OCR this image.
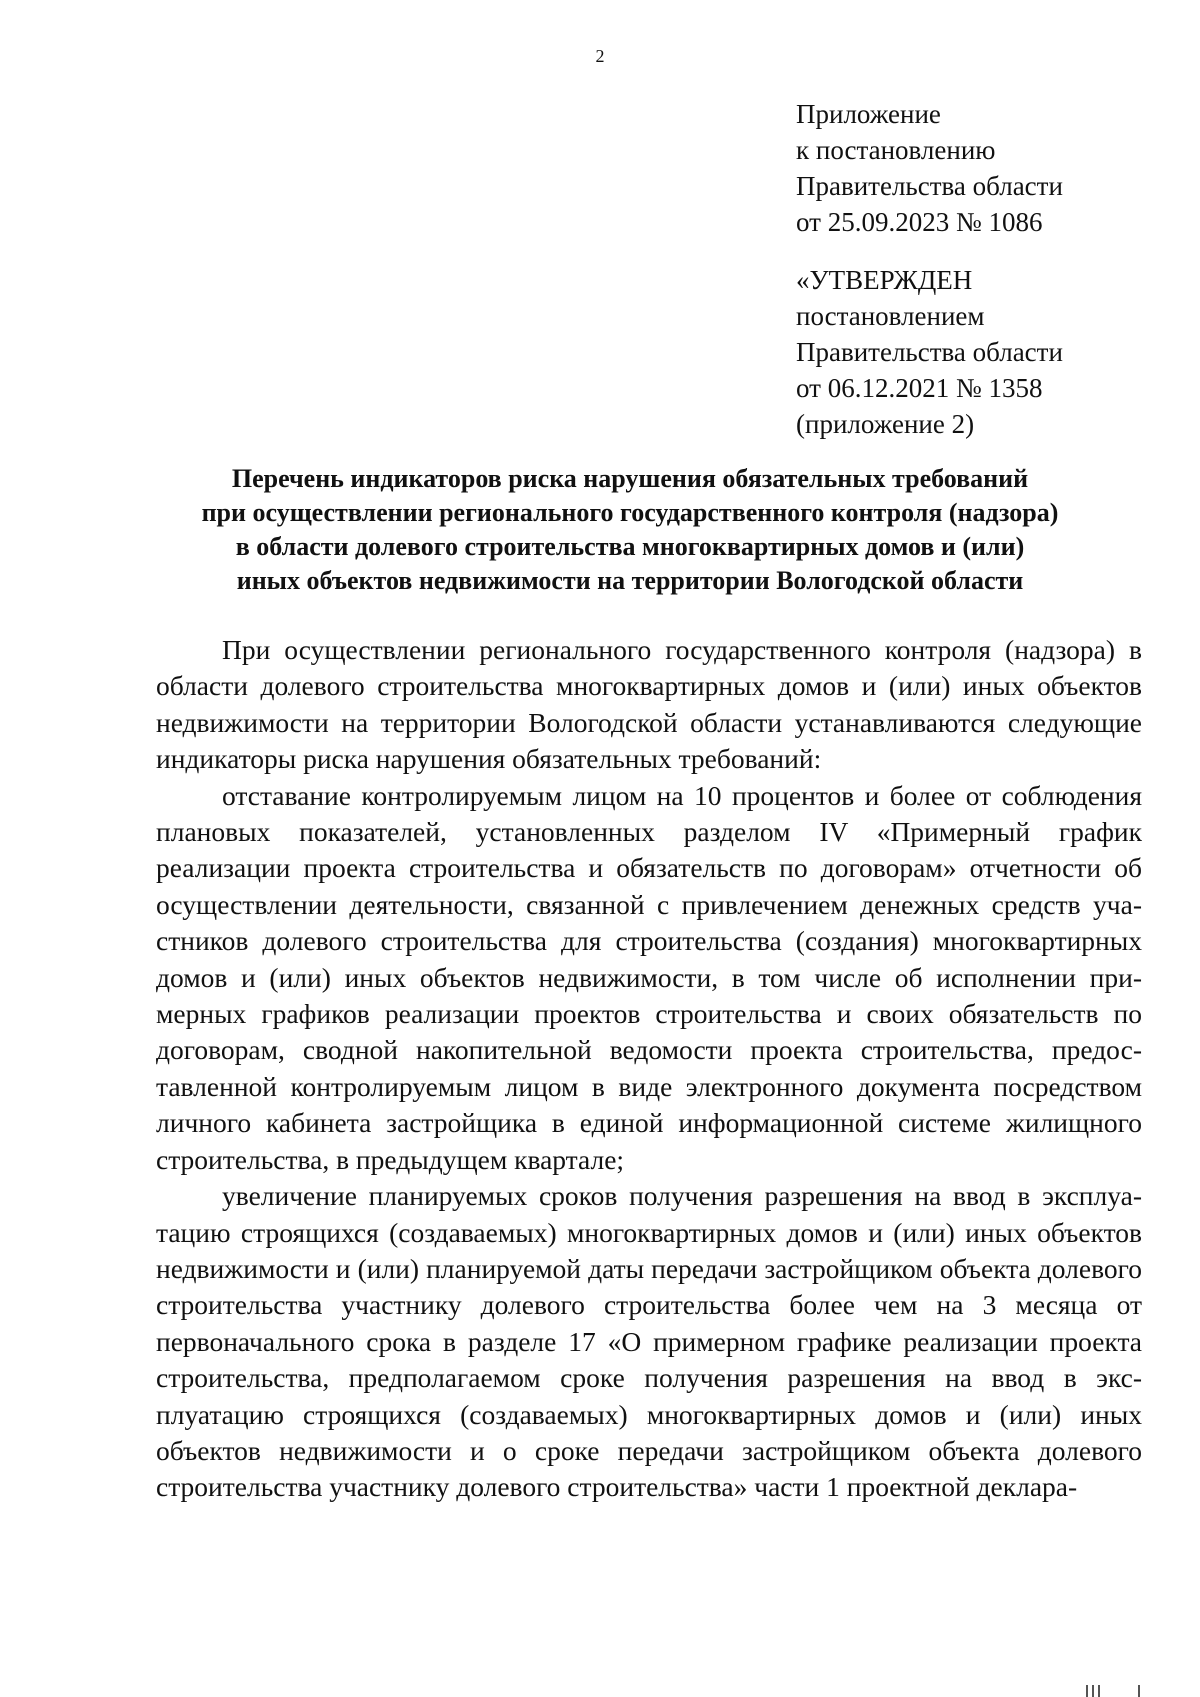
2
Приложение
к постановлению
Правительства области
от 25.09.2023 № 1086
«УТВЕРЖДЕН
постановлением
Правительства области
от 06.12.2021 № 1358
(приложение 2)
Перечень индикаторов риска нарушения обязательных требований
при осуществлении регионального государственного контроля (надзора)
в области долевого строительства многоквартирных домов и (или)
иных объектов недвижимости на территории Вологодской области

При осуществлении регионального государственного контроля (надзора) в области долевого строительства многоквартирных домов и (или) иных объектов недвижимости на территории Вологодской области устанавливаются следующие индикаторы риска нарушения обязательных требований:

отставание контролируемым лицом на 10 процентов и более от соблюдения плановых показателей, установленных разделом IV «Примерный график реализации проекта строительства и обязательств по договорам» отчетности об осуществлении деятельности, связанной с привлечением денежных средств участников долевого строительства для строительства (создания) многоквартирных домов и (или) иных объектов недвижимости, в том числе об исполнении примерных графиков реализации проектов строительства и своих обязательств по договорам, сводной накопительной ведомости проекта строительства, предоставленной контролируемым лицом в виде электронного документа посредством личного кабинета застройщика в единой информационной системе жилищного строительства, в предыдущем квартале;

увеличение планируемых сроков получения разрешения на ввод в эксплуатацию строящихся (создаваемых) многоквартирных домов и (или) иных объектов недвижимости и (или) планируемой даты передачи застройщиком объекта долевого строительства участнику долевого строительства более чем на 3 месяца от первоначального срока в разделе 17 «О примерном графике реализации проекта строительства, предполагаемом сроке получения разрешения на ввод в эксплуатацию строящихся (создаваемых) многоквартирных домов и (или) иных объектов недвижимости и о сроке передачи застройщиком объекта долевого строительства участнику долевого строительства» части 1 проектной деклара-
